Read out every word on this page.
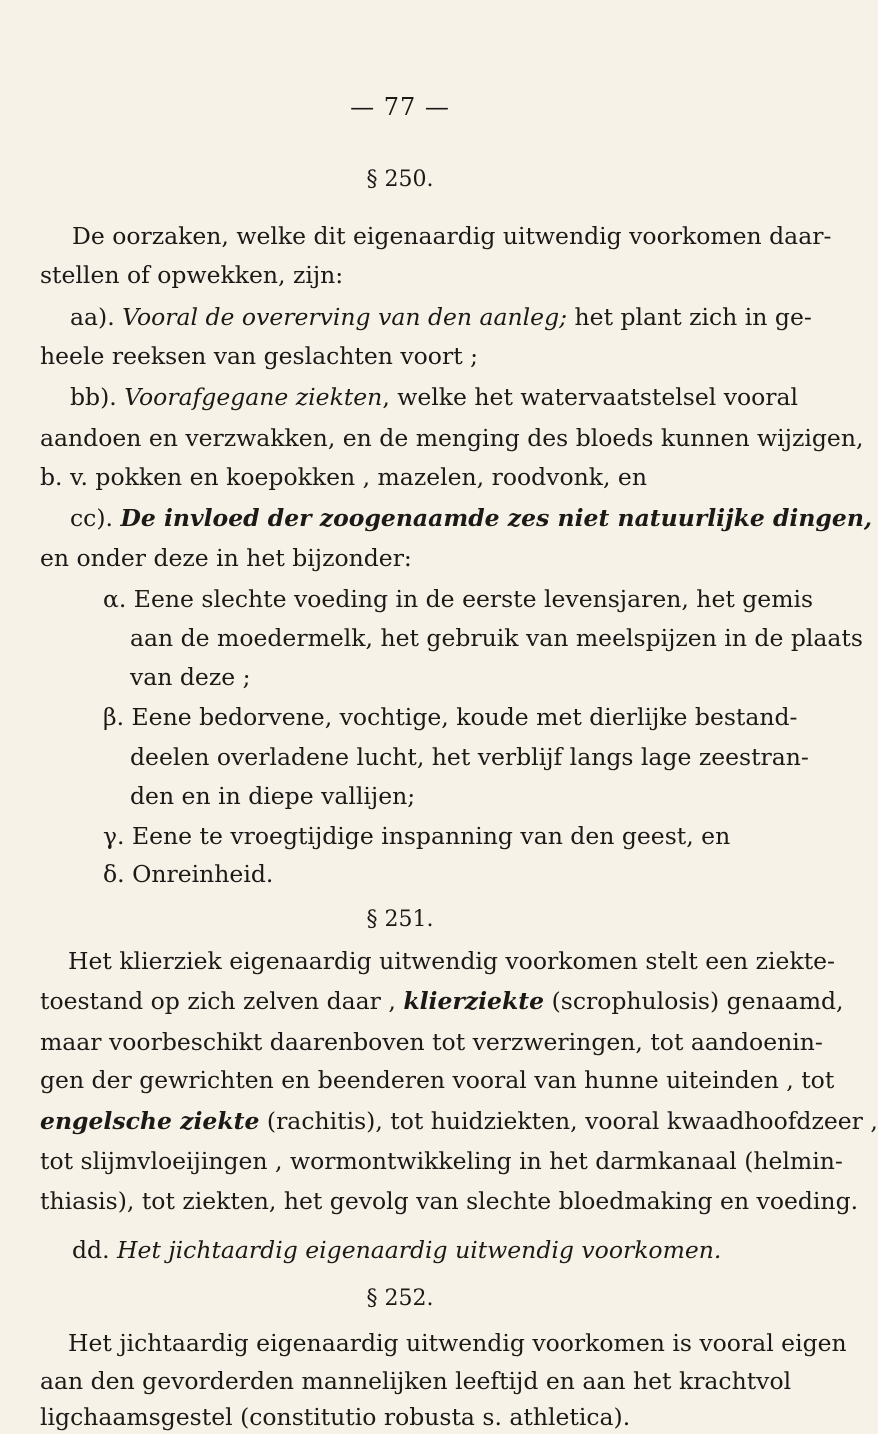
— 77 —
§ 250.
De oorzaken, welke dit eigenaardig uitwendig voorkomen daar-
stellen of opwekken, zijn:
aa). Vooral de overerving van den aanleg; het plant zich in ge-
heele reeksen van geslachten voort ;
bb). Voorafgegane ziekten, welke het watervaatstelsel vooral
aandoen en verzwakken, en de menging des bloeds kunnen wijzigen,
b. v. pokken en koepokken , mazelen, roodvonk, en
cc). De invloed der zoogenaamde zes niet natuurlijke dingen,
en onder deze in het bijzonder:
α. Eene slechte voeding in de eerste levensjaren, het gemis
aan de moedermelk, het gebruik van meelspijzen in de plaats
van deze ;
β. Eene bedorvene, vochtige, koude met dierlijke bestand-
deelen overladene lucht, het verblijf langs lage zeestran-
den en in diepe vallijen;
γ. Eene te vroegtijdige inspanning van den geest, en
δ. Onreinheid.
§ 251.
Het klierziek eigenaardig uitwendig voorkomen stelt een ziekte-
toestand op zich zelven daar , klierziekte (scrophulosis) genaamd,
maar voorbeschikt daarenboven tot verzweringen, tot aandoenin-
gen der gewrichten en beenderen vooral van hunne uiteinden , tot
engelsche ziekte (rachitis), tot huidziekten, vooral kwaadhoofdzeer ,
tot slijmvloeijingen , wormontwikkeling in het darmkanaal (helmin-
thiasis), tot ziekten, het gevolg van slechte bloedmaking en voeding.
dd. Het jichtaardig eigenaardig uitwendig voorkomen.
§ 252.
Het jichtaardig eigenaardig uitwendig voorkomen is vooral eigen
aan den gevorderden mannelijken leeftijd en aan het krachtvol
ligchaamsgestel (constitutio robusta s. athletica).
